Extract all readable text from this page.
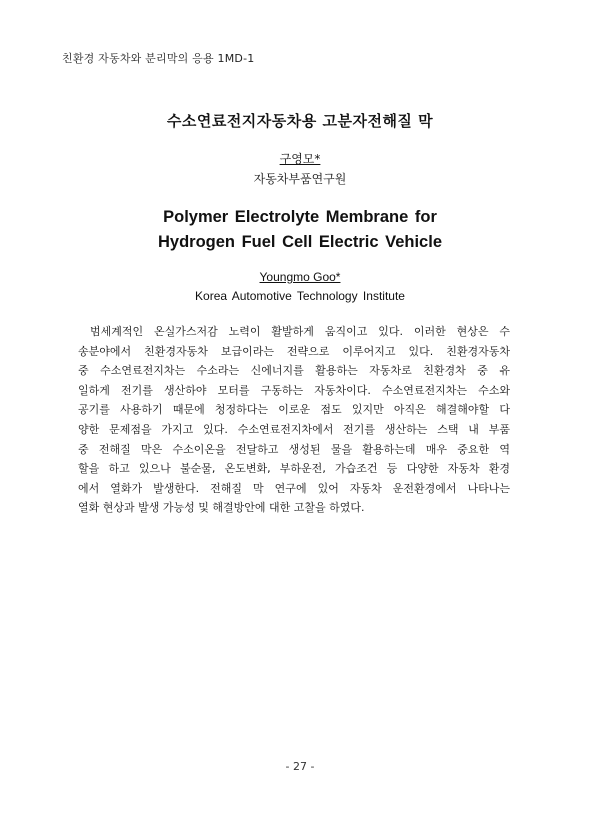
친환경 자동차와 분리막의 응용 1MD-1
수소연료전지자동차용 고분자전해질 막
구영모*
자동차부품연구원
Polymer Electrolyte Membrane for
Hydrogen Fuel Cell Electric Vehicle
Youngmo Goo*
Korea Automotive Technology Institute
범세계적인 온실가스저감 노력이 활발하게 움직이고 있다. 이러한 현상은 수
송분야에서 친환경자동차 보급이라는 전략으로 이루어지고 있다. 친환경자동차
중 수소연료전지차는 수소라는 신에너지를 활용하는 자동차로 친환경차 중 유
일하게 전기를 생산하야 모터를 구동하는 자동차이다. 수소연료전지차는 수소와
공기를 사용하기 때문에 청정하다는 이로운 점도 있지만 아직은 해결해야할 다
양한 문제점을 가지고 있다. 수소연료전지차에서 전기를 생산하는 스택 내 부품
중 전해질 막은 수소이온을 전달하고 생성된 물을 활용하는데 매우 중요한 역
할을 하고 있으나 불순물, 온도변화, 부하운전, 가습조건 등 다양한 자동차 환경
에서 열화가 발생한다. 전해질 막 연구에 있어 자동차 운전환경에서 나타나는
열화 현상과 발생 가능성 및 해결방안에 대한 고찰을 하였다.
- 27 -
